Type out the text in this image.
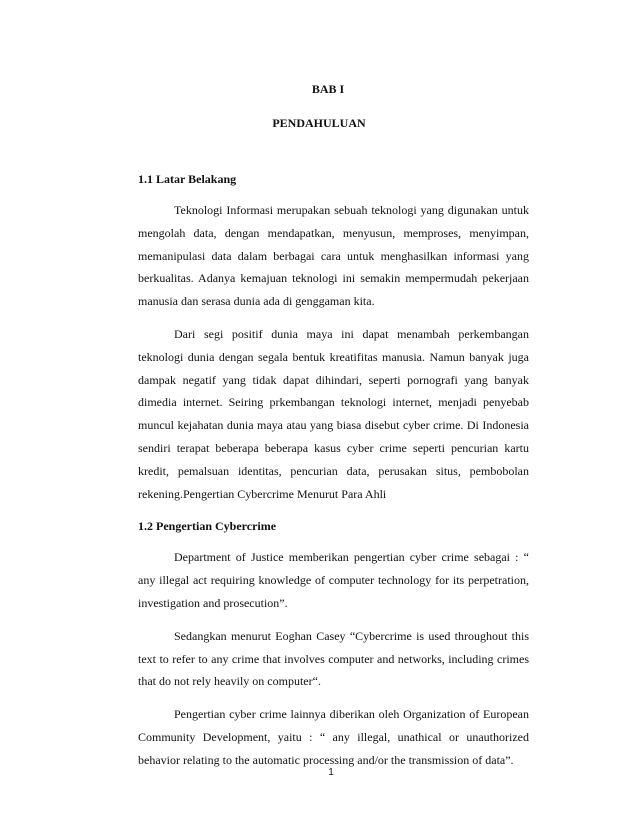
BAB I

PENDAHULUAN

1.1 Latar Belakang

Teknologi Informasi merupakan sebuah teknologi yang digunakan untuk mengolah data, dengan mendapatkan, menyusun, memproses, menyimpan, memanipulasi data dalam berbagai cara untuk menghasilkan informasi yang berkualitas. Adanya kemajuan teknologi ini semakin mempermudah pekerjaan manusia dan serasa dunia ada di genggaman kita.

Dari segi positif dunia maya ini dapat menambah perkembangan teknologi dunia dengan segala bentuk kreatifitas manusia. Namun banyak juga dampak negatif yang tidak dapat dihindari, seperti pornografi yang banyak dimedia internet. Seiring prkembangan teknologi internet, menjadi penyebab muncul kejahatan dunia maya atau yang biasa disebut cyber crime. Di Indonesia sendiri terapat beberapa beberapa kasus cyber crime seperti pencurian kartu kredit, pemalsuan identitas, pencurian data, perusakan situs, pembobolan rekening.Pengertian Cybercrime Menurut Para Ahli

1.2 Pengertian Cybercrime

Department of Justice memberikan pengertian cyber crime sebagai : “ any illegal act requiring knowledge of computer technology for its perpetration, investigation and prosecution”.

Sedangkan menurut Eoghan Casey “Cybercrime is used throughout this text to refer to any crime that involves computer and networks, including crimes that do not rely heavily on computer“.

Pengertian cyber crime lainnya diberikan oleh Organization of European Community Development, yaitu : “ any illegal, unathical or unauthorized behavior relating to the automatic processing and/or the transmission of data”.

1
